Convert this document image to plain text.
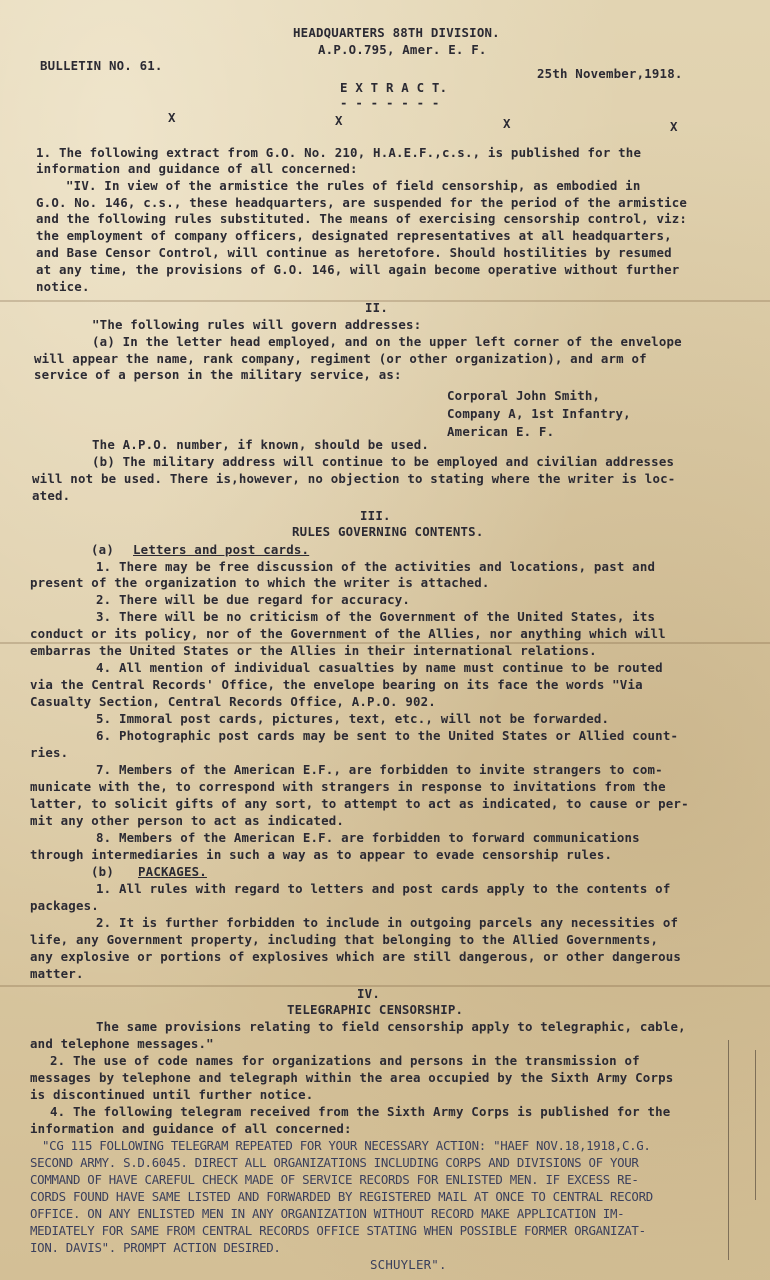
HEADQUARTERS 88TH DIVISION.
A.P.O.795, Amer. E. F.
BULLETIN NO. 61.
25th November,1918.
E X T R A C T.
- - - - - - -
X	X	X	X
1. The following extract from G.O. No. 210, H.A.E.F.,c.s., is published for the
information and guidance of all concerned:
"IV. In view of the armistice the rules of field censorship, as embodied in
G.O. No. 146, c.s., these headquarters, are suspended for the period of the armistice
and the following rules substituted. The means of exercising censorship control, viz:
the employment of company officers, designated representatives at all headquarters,
and Base Censor Control, will continue as heretofore. Should hostilities by resumed
at any time, the provisions of G.O. 146, will again become operative without further
notice.
II.
"The following rules will govern addresses:
(a) In the letter head employed, and on the upper left corner of the envelope
will appear the name, rank company, regiment (or other organization), and arm of
service of a person in the military service, as:
Corporal John Smith,
Company A, 1st Infantry,
American E. F.
The A.P.O. number, if known, should be used.
(b) The military address will continue to be employed and civilian addresses
will not be used. There is,however, no objection to stating where the writer is loc-
ated.
III.
RULES GOVERNING CONTENTS.
(a) Letters and post cards.
1. There may be free discussion of the activities and locations, past and
present of the organization to which the writer is attached.
2. There will be due regard for accuracy.
3. There will be no criticism of the Government of the United States, its
conduct or its policy, nor of the Government of the Allies, nor anything which will
embarras the United States or the Allies in their international relations.
4. All mention of individual casualties by name must continue to be routed
via the Central Records' Office, the envelope bearing on its face the words "Via
Casualty Section, Central Records Office, A.P.O. 902.
5. Immoral post cards, pictures, text, etc., will not be forwarded.
6. Photographic post cards may be sent to the United States or Allied count-
ries.
7. Members of the American E.F., are forbidden to invite strangers to com-
municate with the, to correspond with strangers in response to invitations from the
latter, to solicit gifts of any sort, to attempt to act as indicated, to cause or per-
mit any other person to act as indicated.
8. Members of the American E.F. are forbidden to forward communications
through intermediaries in such a way as to appear to evade censorship rules.
(b) PACKAGES.
1. All rules with regard to letters and post cards apply to the contents of
packages.
2. It is further forbidden to include in outgoing parcels any necessities of
life, any Government property, including that belonging to the Allied Governments,
any explosive or portions of explosives which are still dangerous, or other dangerous
matter.
IV.
TELEGRAPHIC CENSORSHIP.
The same provisions relating to field censorship apply to telegraphic, cable,
and telephone messages."
2. The use of code names for organizations and persons in the transmission of
messages by telephone and telegraph within the area occupied by the Sixth Army Corps
is discontinued until further notice.
4. The following telegram received from the Sixth Army Corps is published for the
information and guidance of all concerned:
"CG 115 FOLLOWING TELEGRAM REPEATED FOR YOUR NECESSARY ACTION: "HAEF NOV.18,1918,C.G.
SECOND ARMY. S.D.6045. DIRECT ALL ORGANIZATIONS INCLUDING CORPS AND DIVISIONS OF YOUR
COMMAND OF HAVE CAREFUL CHECK MADE OF SERVICE RECORDS FOR ENLISTED MEN. IF EXCESS RE-
CORDS FOUND HAVE SAME LISTED AND FORWARDED BY REGISTERED MAIL AT ONCE TO CENTRAL RECORD
OFFICE. ON ANY ENLISTED MEN IN ANY ORGANIZATION WITHOUT RECORD MAKE APPLICATION IM-
MEDIATELY FOR SAME FROM CENTRAL RECORDS OFFICE STATING WHEN POSSIBLE FORMER ORGANIZAT-
ION. DAVIS". PROMPT ACTION DESIRED.
SCHUYLER".
